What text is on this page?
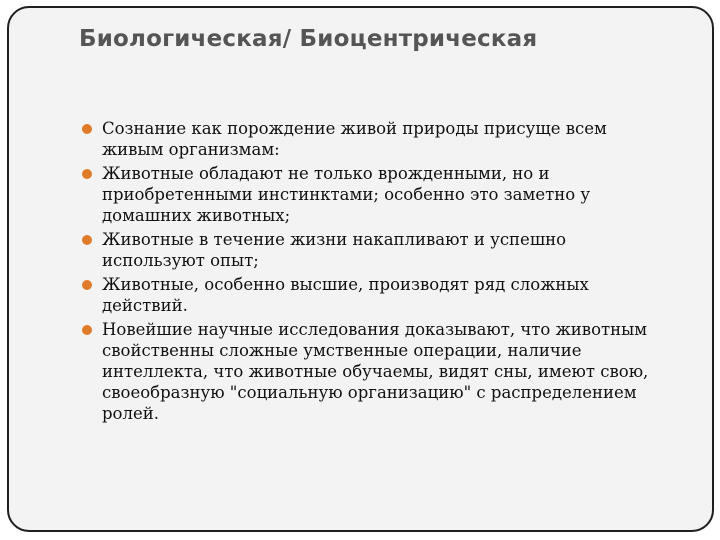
Биологическая/ Биоцентрическая
Сознание как порождение живой природы присуще всем живым организмам:
Животные обладают не только врожденными, но и приобретенными инстинктами; особенно это заметно у домашних животных;
Животные в течение жизни накапливают и успешно используют опыт;
Животные, особенно высшие, производят ряд сложных действий.
Новейшие научные исследования доказывают, что животным свойственны сложные умственные операции, наличие интеллекта, что животные обучаемы, видят сны, имеют свою, своеобразную "социальную организацию" с распределением ролей.
